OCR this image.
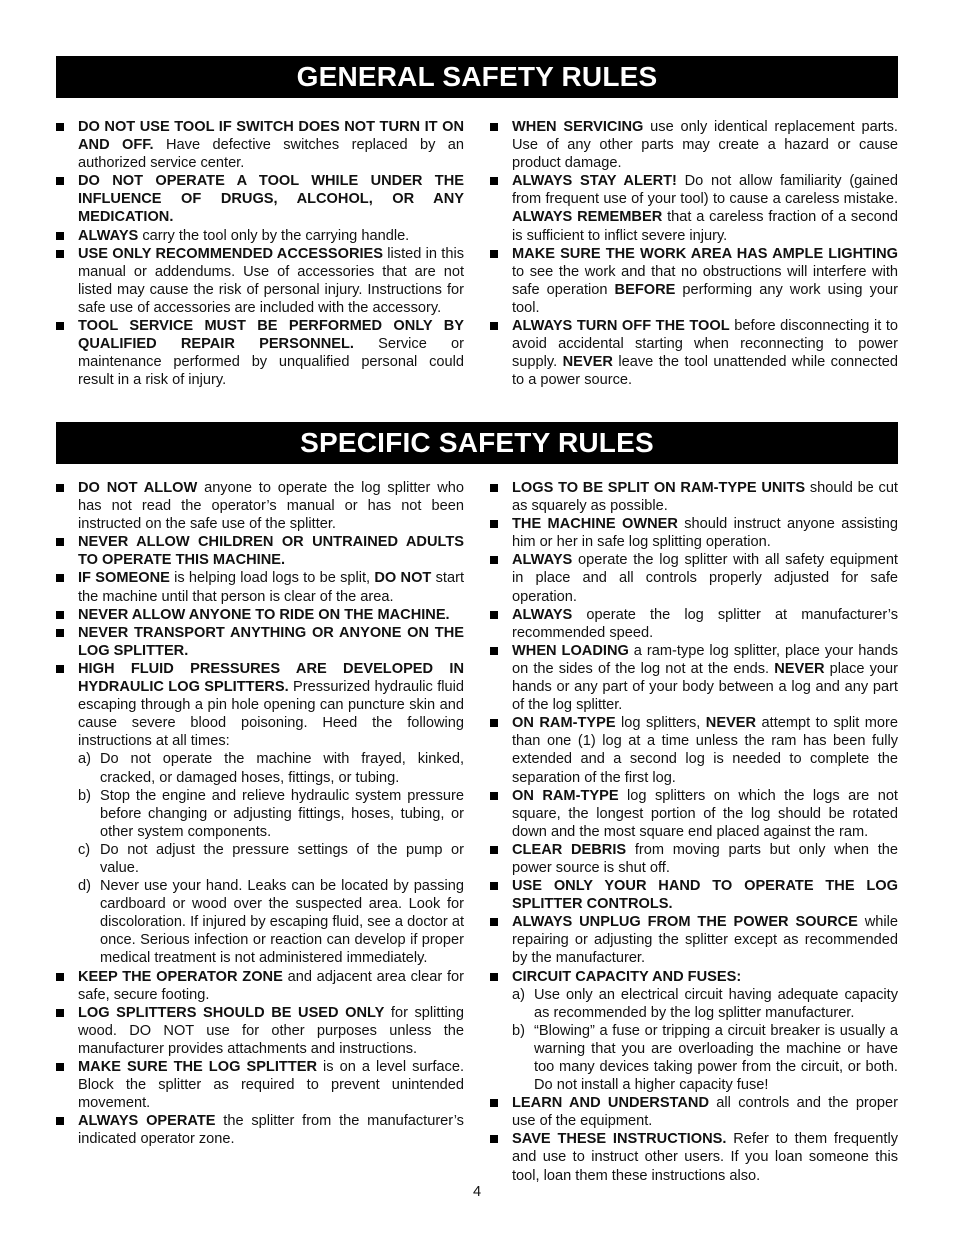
GENERAL SAFETY RULES
DO NOT USE TOOL IF SWITCH DOES NOT TURN IT ON AND OFF. Have defective switches replaced by an authorized service center.
DO NOT OPERATE A TOOL WHILE UNDER THE INFLUENCE OF DRUGS, ALCOHOL, OR ANY MEDICATION.
ALWAYS carry the tool only by the carrying handle.
USE ONLY RECOMMENDED ACCESSORIES listed in this manual or addendums. Use of accessories that are not listed may cause the risk of personal injury. Instructions for safe use of accessories are included with the accessory.
TOOL SERVICE MUST BE PERFORMED ONLY BY QUALIFIED REPAIR PERSONNEL. Service or maintenance performed by unqualified personal could result in a risk of injury.
WHEN SERVICING use only identical replacement parts. Use of any other parts may create a hazard or cause product damage.
ALWAYS STAY ALERT! Do not allow familiarity (gained from frequent use of your tool) to cause a careless mistake. ALWAYS REMEMBER that a careless fraction of a second is sufficient to inflict severe injury.
MAKE SURE THE WORK AREA HAS AMPLE LIGHTING to see the work and that no obstructions will interfere with safe operation BEFORE performing any work using your tool.
ALWAYS TURN OFF THE TOOL before disconnecting it to avoid accidental starting when reconnecting to power supply. NEVER leave the tool unattended while connected to a power source.
SPECIFIC SAFETY RULES
DO NOT ALLOW anyone to operate the log splitter who has not read the operator’s manual or has not been instructed on the safe use of the splitter.
NEVER ALLOW CHILDREN OR UNTRAINED ADULTS TO OPERATE THIS MACHINE.
IF SOMEONE is helping load logs to be split, DO NOT start the machine until that person is clear of the area.
NEVER ALLOW ANYONE TO RIDE ON THE MACHINE.
NEVER TRANSPORT ANYTHING OR ANYONE ON THE LOG SPLITTER.
HIGH FLUID PRESSURES ARE DEVELOPED IN HYDRAULIC LOG SPLITTERS. Pressurized hydraulic fluid escaping through a pin hole opening can puncture skin and cause severe blood poisoning. Heed the following instructions at all times:
a) Do not operate the machine with frayed, kinked, cracked, or damaged hoses, fittings, or tubing.
b) Stop the engine and relieve hydraulic system pressure before changing or adjusting fittings, hoses, tubing, or other system components.
c) Do not adjust the pressure settings of the pump or value.
d) Never use your hand. Leaks can be located by passing cardboard or wood over the suspected area. Look for discoloration. If injured by escaping fluid, see a doctor at once. Serious infection or reaction can develop if proper medical treatment is not administered immediately.
KEEP THE OPERATOR ZONE and adjacent area clear for safe, secure footing.
LOG SPLITTERS SHOULD BE USED ONLY for splitting wood. DO NOT use for other purposes unless the manufacturer provides attachments and instructions.
MAKE SURE THE LOG SPLITTER is on a level surface. Block the splitter as required to prevent unintended movement.
ALWAYS OPERATE the splitter from the manufacturer’s indicated operator zone.
LOGS TO BE SPLIT ON RAM-TYPE UNITS should be cut as squarely as possible.
THE MACHINE OWNER should instruct anyone assisting him or her in safe log splitting operation.
ALWAYS operate the log splitter with all safety equipment in place and all controls properly adjusted for safe operation.
ALWAYS operate the log splitter at manufacturer’s recommended speed.
WHEN LOADING a ram-type log splitter, place your hands on the sides of the log not at the ends. NEVER place your hands or any part of your body between a log and any part of the log splitter.
ON RAM-TYPE log splitters, NEVER attempt to split more than one (1) log at a time unless the ram has been fully extended and a second log is needed to complete the separation of the first log.
ON RAM-TYPE log splitters on which the logs are not square, the longest portion of the log should be rotated down and the most square end placed against the ram.
CLEAR DEBRIS from moving parts but only when the power source is shut off.
USE ONLY YOUR HAND TO OPERATE THE LOG SPLITTER CONTROLS.
ALWAYS UNPLUG FROM THE POWER SOURCE while repairing or adjusting the splitter except as recommended by the manufacturer.
CIRCUIT CAPACITY AND FUSES:
a) Use only an electrical circuit having adequate capacity as recommended by the log splitter manufacturer.
b) “Blowing” a fuse or tripping a circuit breaker is usually a warning that you are overloading the machine or have too many devices taking power from the circuit, or both. Do not install a higher capacity fuse!
LEARN AND UNDERSTAND all controls and the proper use of the equipment.
SAVE THESE INSTRUCTIONS. Refer to them frequently and use to instruct other users. If you loan someone this tool, loan them these instructions also.
4
